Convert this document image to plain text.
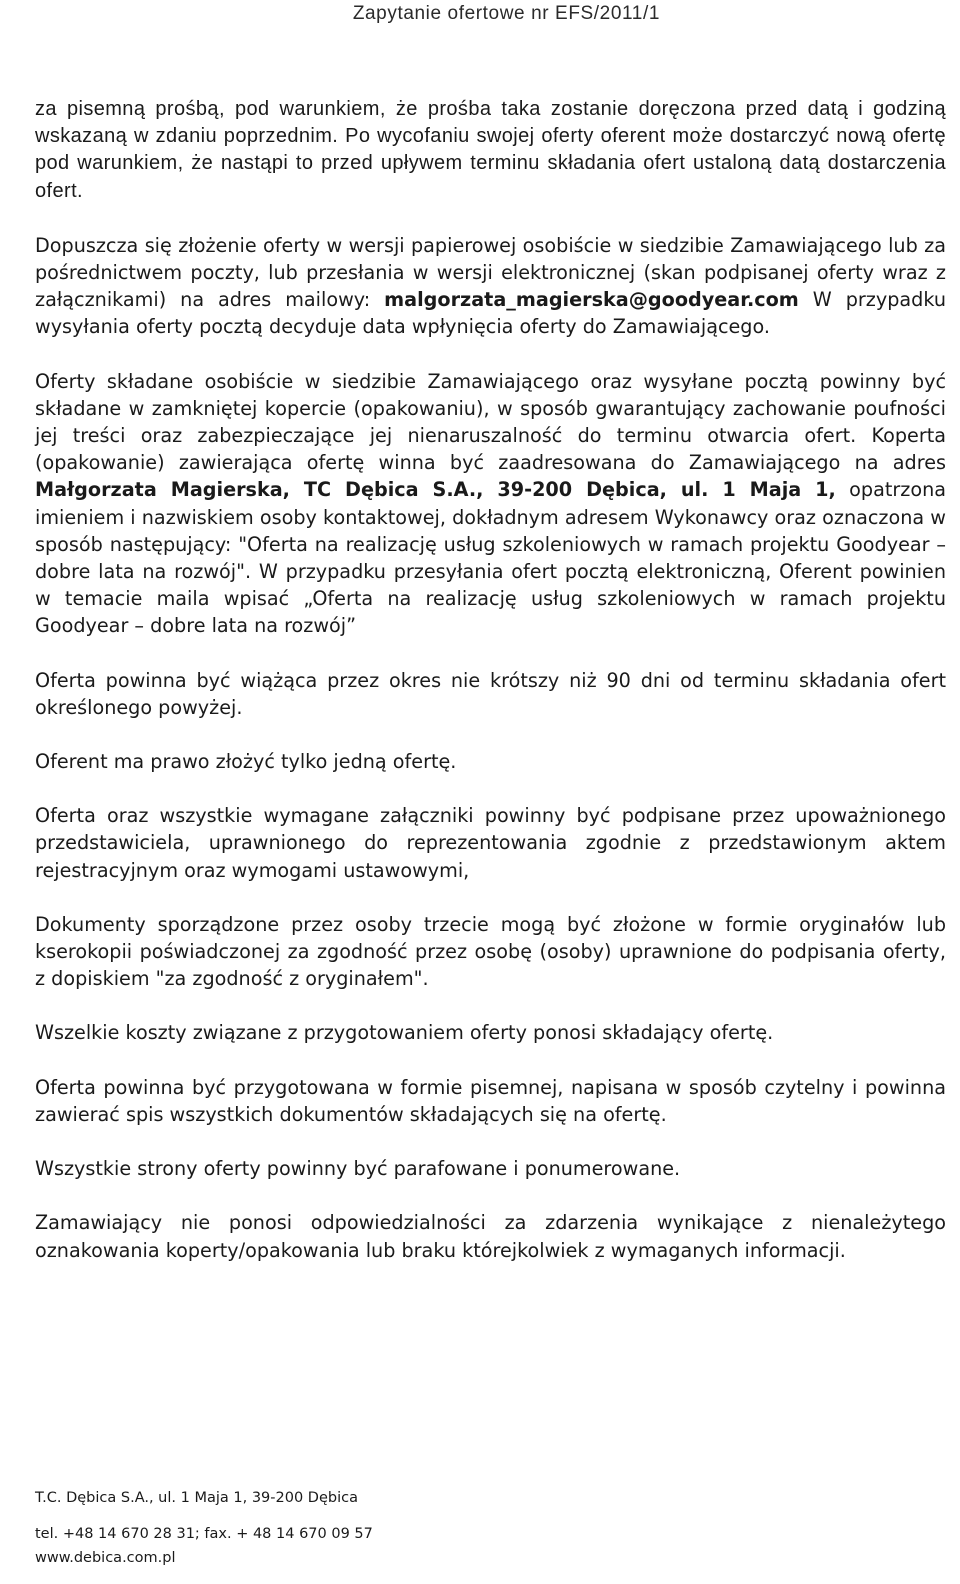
Zapytanie ofertowe nr EFS/2011/1

za pisemną prośbą, pod warunkiem, że prośba taka zostanie doręczona przed datą i godziną wskazaną w zdaniu poprzednim. Po wycofaniu swojej oferty oferent może dostarczyć nową ofertę pod warunkiem, że nastąpi to przed upływem terminu składania ofert ustaloną datą dostarczenia ofert.

Dopuszcza się złożenie oferty w wersji papierowej osobiście w siedzibie Zamawiającego lub za pośrednictwem poczty, lub przesłania w wersji elektronicznej (skan podpisanej oferty wraz z załącznikami) na adres mailowy: malgorzata_magierska@goodyear.com W przypadku wysyłania oferty pocztą decyduje data wpłynięcia oferty do Zamawiającego.

Oferty składane osobiście w siedzibie Zamawiającego oraz wysyłane pocztą powinny być składane w zamkniętej kopercie (opakowaniu), w sposób gwarantujący zachowanie poufności jej treści oraz zabezpieczające jej nienaruszalność do terminu otwarcia ofert. Koperta (opakowanie) zawierająca ofertę winna być zaadresowana do Zamawiającego na adres Małgorzata Magierska, TC Dębica S.A., 39-200 Dębica, ul. 1 Maja 1, opatrzona imieniem i nazwiskiem osoby kontaktowej, dokładnym adresem Wykonawcy oraz oznaczona w sposób następujący: "Oferta na realizację usług szkoleniowych w ramach projektu Goodyear – dobre lata na rozwój". W przypadku przesyłania ofert pocztą elektroniczną, Oferent powinien w temacie maila wpisać „Oferta na realizację usług szkoleniowych w ramach projektu Goodyear – dobre lata na rozwój”

Oferta powinna być wiążąca przez okres nie krótszy niż 90 dni od terminu składania ofert określonego powyżej.

Oferent ma prawo złożyć tylko jedną ofertę.

Oferta oraz wszystkie wymagane załączniki powinny być podpisane przez upoważnionego przedstawiciela, uprawnionego do reprezentowania zgodnie z przedstawionym aktem rejestracyjnym oraz wymogami ustawowymi,

Dokumenty sporządzone przez osoby trzecie mogą być złożone w formie oryginałów lub kserokopii poświadczonej za zgodność przez osobę (osoby) uprawnione do podpisania oferty, z dopiskiem "za zgodność z oryginałem".

Wszelkie koszty związane z przygotowaniem oferty ponosi składający ofertę.

Oferta powinna być przygotowana w formie pisemnej, napisana w sposób czytelny i powinna zawierać spis wszystkich dokumentów składających się na ofertę.

Wszystkie strony oferty powinny być parafowane i ponumerowane.

Zamawiający nie ponosi odpowiedzialności za zdarzenia wynikające z nienależytego oznakowania koperty/opakowania lub braku którejkolwiek z wymaganych informacji.

T.C. Dębica S.A., ul. 1 Maja 1, 39-200 Dębica
tel. +48 14 670 28 31; fax. + 48 14 670 09 57
www.debica.com.pl
